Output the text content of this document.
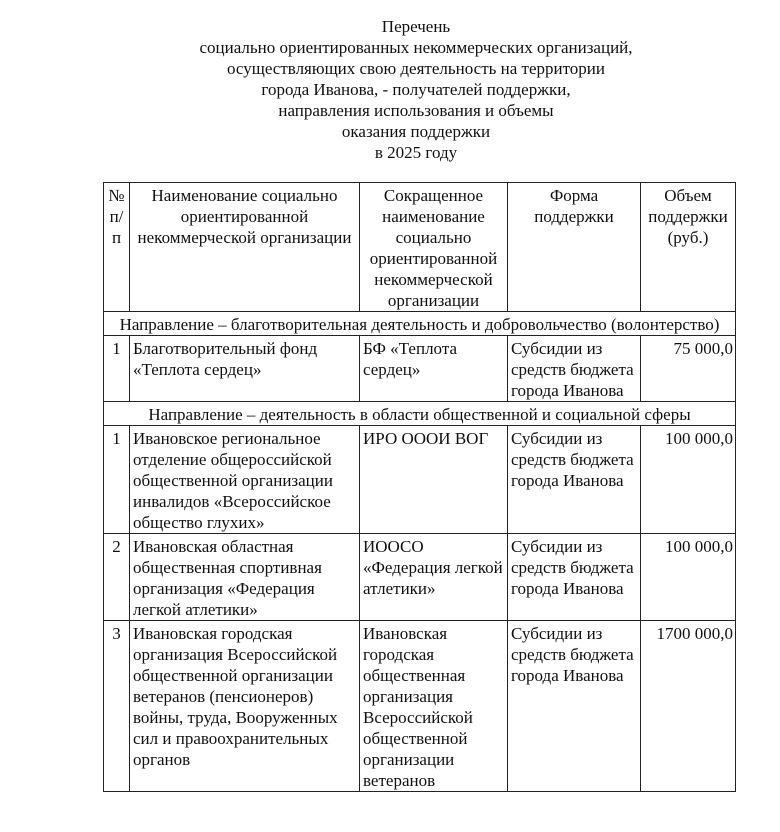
Перечень
социально ориентированных некоммерческих организаций,
осуществляющих свою деятельность на территории
города Иванова, - получателей поддержки,
направления использования и объемы
оказания поддержки
в 2025 году
№ п/п	Наименование социально ориентированной некоммерческой организации	Сокращенное наименование социально ориентированной некоммерческой организации	Форма поддержки	Объем поддержки (руб.)
Направление – благотворительная деятельность и добровольчество (волонтерство)				
1	Благотворительный фонд «Теплота сердец»	БФ «Теплота сердец»	Субсидии из средств бюджета города Иванова	75 000,0
Направление – деятельность в области общественной и социальной сферы				
1	Ивановское региональное отделение общероссийской общественной организации инвалидов «Всероссийское общество глухих»	ИРО ОООИ ВОГ	Субсидии из средств бюджета города Иванова	100 000,0
2	Ивановская областная общественная спортивная организация «Федерация легкой атлетики»	ИООСО «Федерация легкой атлетики»	Субсидии из средств бюджета города Иванова	100 000,0
3	Ивановская городская организация Всероссийской общественной организации ветеранов (пенсионеров) войны, труда, Вооруженных сил и правоохранительных органов	Ивановская городская общественная организация Всероссийской общественной организации ветеранов	Субсидии из средств бюджета города Иванова	1700 000,0
